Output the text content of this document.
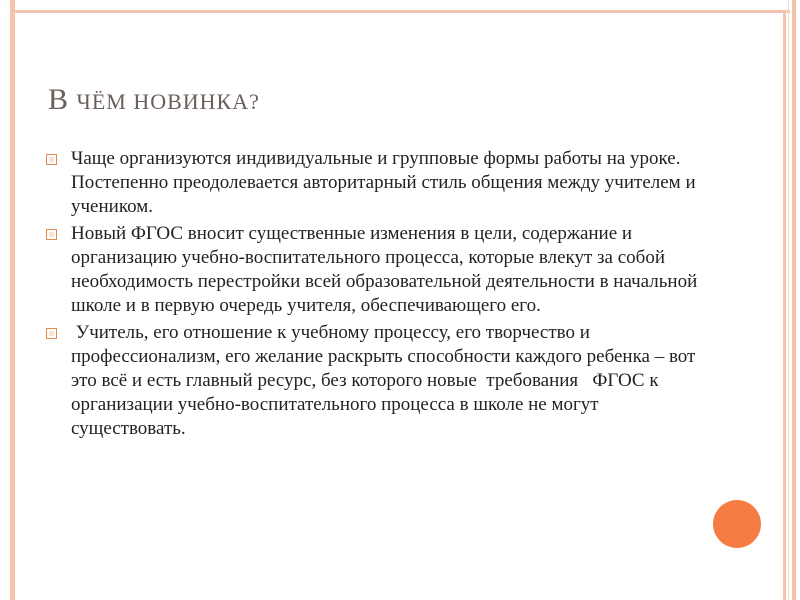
В ЧЁМ НОВИНКА?
Чаще организуются индивидуальные и групповые формы работы на уроке. Постепенно преодолевается авторитарный стиль общения между учителем и учеником.
Новый ФГОС вносит существенные изменения в цели, содержание и организацию учебно-воспитательного процесса, которые влекут за собой необходимость перестройки всей образовательной деятельности в начальной школе и в первую очередь учителя, обеспечивающего его.
Учитель, его отношение к учебному процессу, его творчество и профессионализм, его желание раскрыть способности каждого ребенка – вот это всё и есть главный ресурс, без которого новые  требования   ФГОС к организации учебно-воспитательного процесса в школе не могут существовать.
